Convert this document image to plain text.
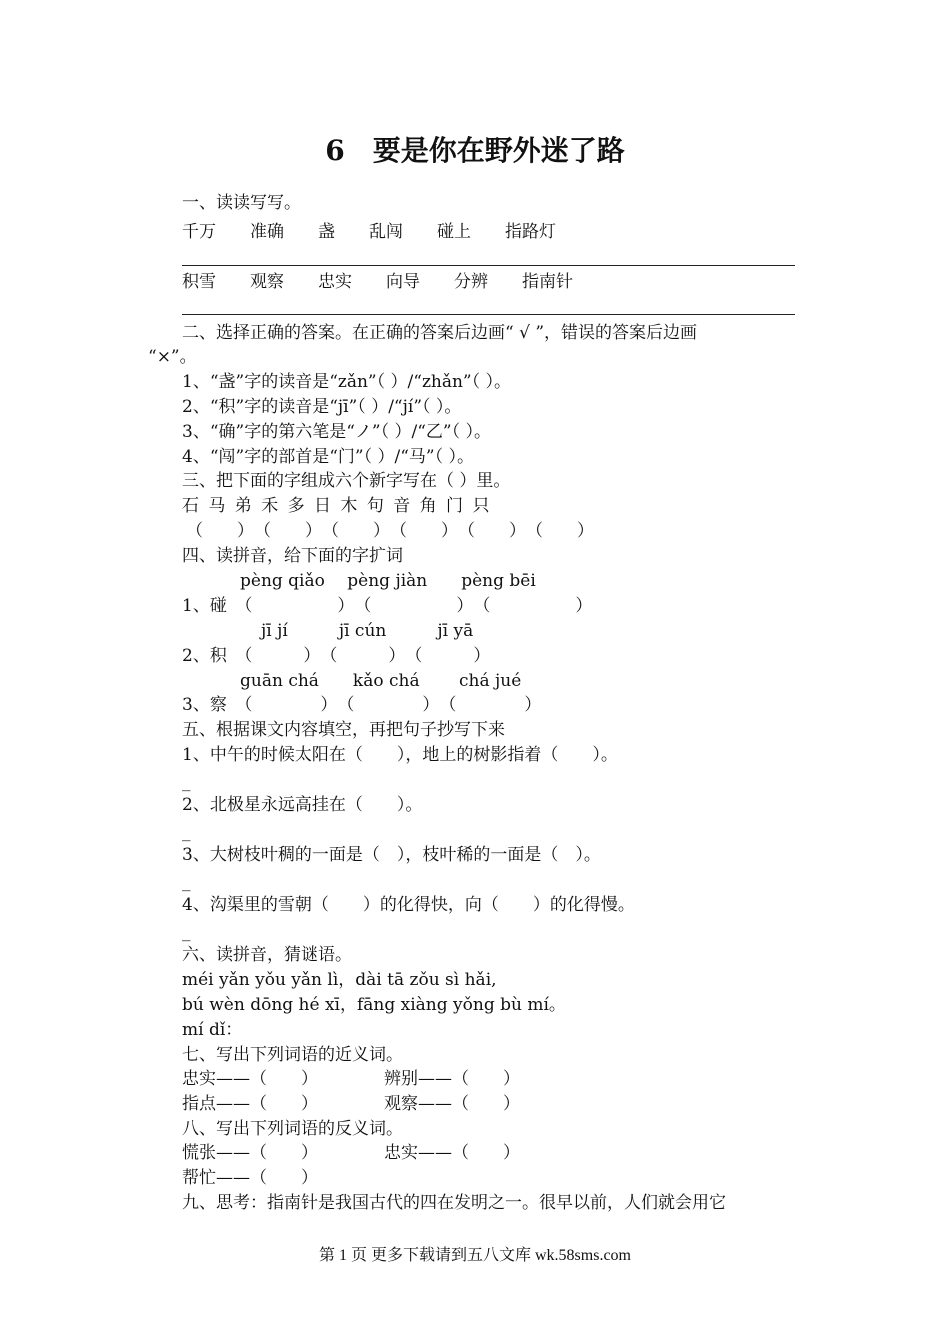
6　要是你在野外迷了路
一、读读写写。
千万　　准确　　盏　　乱闯　　碰上　　指路灯
积雪　　观察　　忠实　　向导　　分辨　　指南针
二、选择正确的答案。在正确的答案后边画“ √ ”，错误的答案后边画
“×”。
1、“盏”字的读音是“zǎn”（ ）/“zhǎn”（ ）。
2、“积”字的读音是“jī”（ ）/“jí”（ ）。
3、“确”字的第六笔是“ノ”（ ）/“乙”（ ）。
4、“闯”字的部首是“门”（ ）/“马”（ ）。
三、把下面的字组成六个新字写在（ ）里。
石 马 弟 禾 多 日 木 句 音 角 门 只
（　　）　（　　）　（　　）　（　　）　（　　）　（　　）
四、读拼音，给下面的字扩词
pèng qiǎo　 pèng jiàn　　pèng bēi
1、碰　（　　　　　）　（　　　　　）　（　　　　　）
jī jí　　　jī cún　　　jī yā
2、积　（　　　）　（　　　）　（　　　）
guān chá　　kǎo chá　　 chá jué
3、察　（　　　　）　（　　　　）　（　　　　）
五、根据课文内容填空，再把句子抄写下来
1、中午的时候太阳在（　　），地上的树影指着（　　）。
_
2、北极星永远高挂在（　　）。
_
3、大树枝叶稠的一面是（　），枝叶稀的一面是（　）。
_
4、沟渠里的雪朝（　　）的化得快，向（　　）的化得慢。
_
六、读拼音，猜谜语。
méi yǎn yǒu yǎn lì，dài tā zǒu sì hǎi,
bú wèn dōng hé xī，fāng xiàng yǒng bù mí。
mí dǐ：
七、写出下列词语的近义词。
忠实——（　　）	辨别——（　　）
指点——（　　）	观察——（　　）
八、写出下列词语的反义词。
慌张——（　　）	忠实——（　　）
帮忙——（　　）
九、思考：指南针是我国古代的四在发明之一。很早以前，人们就会用它
第 1 页 更多下载请到五八文库 wk.58sms.com
